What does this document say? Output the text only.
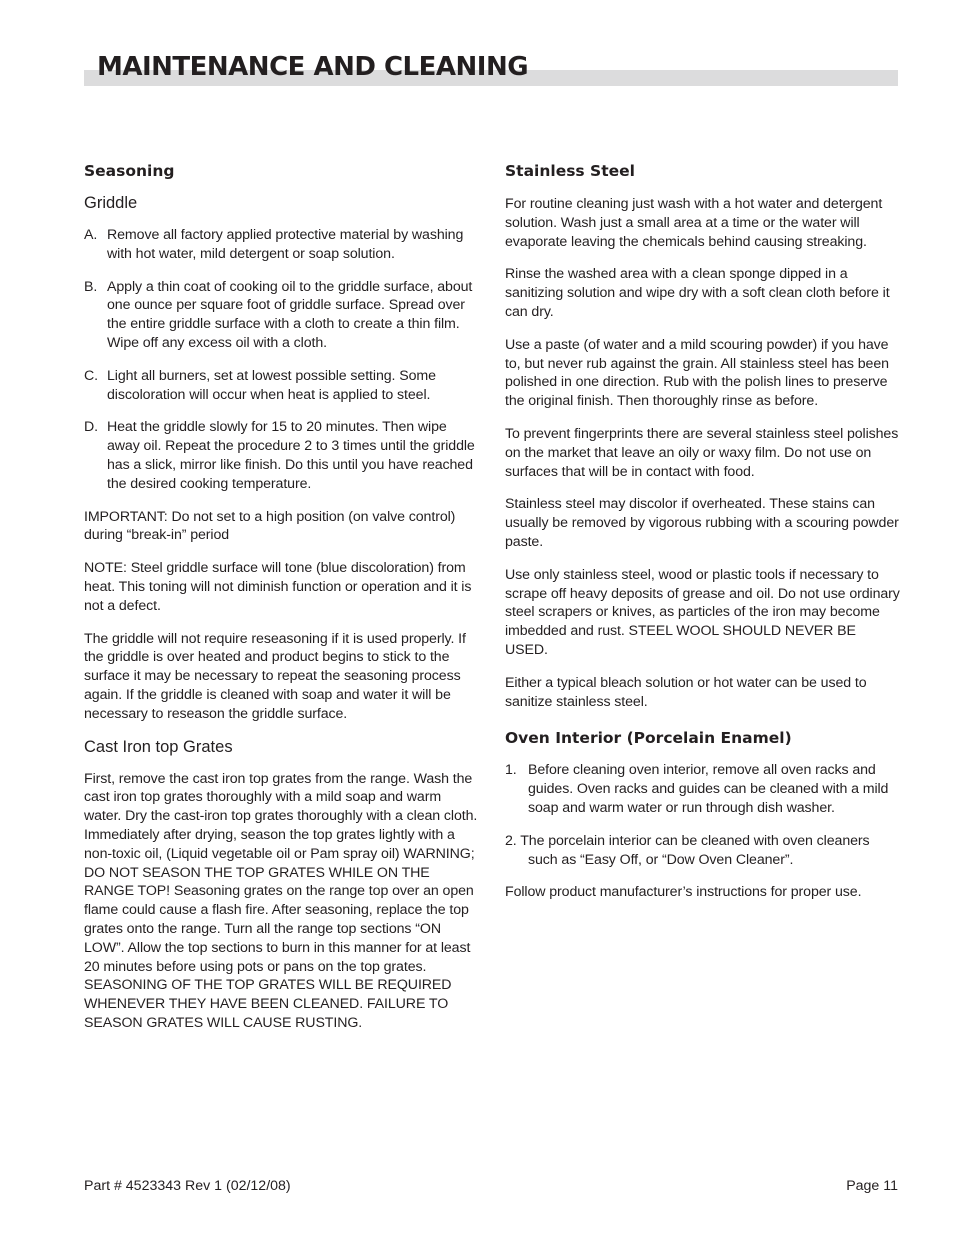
MAINTENANCE AND CLEANING
Seasoning
Griddle
A. Remove all factory applied protective material by washing with hot water, mild detergent or soap solution.
B. Apply a thin coat of cooking oil to the griddle surface, about one ounce per square foot of griddle surface. Spread over the entire griddle surface with a cloth to create a thin film. Wipe off any excess oil with a cloth.
C. Light all burners, set at lowest possible setting. Some discoloration will occur when heat is applied to steel.
D. Heat the griddle slowly for 15 to 20 minutes. Then wipe away oil. Repeat the procedure 2 to 3 times until the griddle has a slick, mirror like finish. Do this until you have reached the desired cooking temperature.

IMPORTANT: Do not set to a high position (on valve control) during “break-in” period

NOTE: Steel griddle surface will tone (blue discoloration) from heat. This toning will not diminish function or operation and it is not a defect.

The griddle will not require reseasoning if it is used properly. If the griddle is over heated and product begins to stick to the surface it may be necessary to repeat the seasoning process again. If the griddle is cleaned with soap and water it will be necessary to reseason the griddle surface.

Cast Iron top Grates

First, remove the cast iron top grates from the range. Wash the cast iron top grates thoroughly with a mild soap and warm water. Dry the cast-iron top grates thoroughly with a clean cloth. Immediately after drying, season the top grates lightly with a non-toxic oil, (Liquid vegetable oil or Pam spray oil) WARNING; DO NOT SEASON THE TOP GRATES WHILE ON THE RANGE TOP! Seasoning grates on the range top over an open flame could cause a flash fire. After seasoning, replace the top grates onto the range. Turn all the range top sections “ON LOW”. Allow the top sections to burn in this manner for at least 20 minutes before using pots or pans on the top grates. SEASONING OF THE TOP GRATES WILL BE REQUIRED WHENEVER THEY HAVE BEEN CLEANED. FAILURE TO SEASON GRATES WILL CAUSE RUSTING.

Stainless Steel

For routine cleaning just wash with a hot water and detergent solution. Wash just a small area at a time or the water will evaporate leaving the chemicals behind causing streaking.

Rinse the washed area with a clean sponge dipped in a sanitizing solution and wipe dry with a soft clean cloth before it can dry.

Use a paste (of water and a mild scouring powder) if you have to, but never rub against the grain. All stainless steel has been polished in one direction. Rub with the polish lines to preserve the original finish. Then thoroughly rinse as before.

To prevent fingerprints there are several stainless steel polishes on the market that leave an oily or waxy film. Do not use on surfaces that will be in contact with food.

Stainless steel may discolor if overheated. These stains can usually be removed by vigorous rubbing with a scouring powder paste.

Use only stainless steel, wood or plastic tools if necessary to scrape off heavy deposits of grease and oil. Do not use ordinary steel scrapers or knives, as particles of the iron may become imbedded and rust. STEEL WOOL SHOULD NEVER BE USED.

Either a typical bleach solution or hot water can be used to sanitize stainless steel.

Oven Interior (Porcelain Enamel)
1. Before cleaning oven interior, remove all oven racks and guides. Oven racks and guides can be cleaned with a mild soap and warm water or run through dish washer.

2. The porcelain interior can be cleaned with oven cleaners such as “Easy Off, or “Dow Oven Cleaner”.

Follow product manufacturer’s instructions for proper use.

Part # 4523343 Rev 1 (02/12/08)	Page 11
